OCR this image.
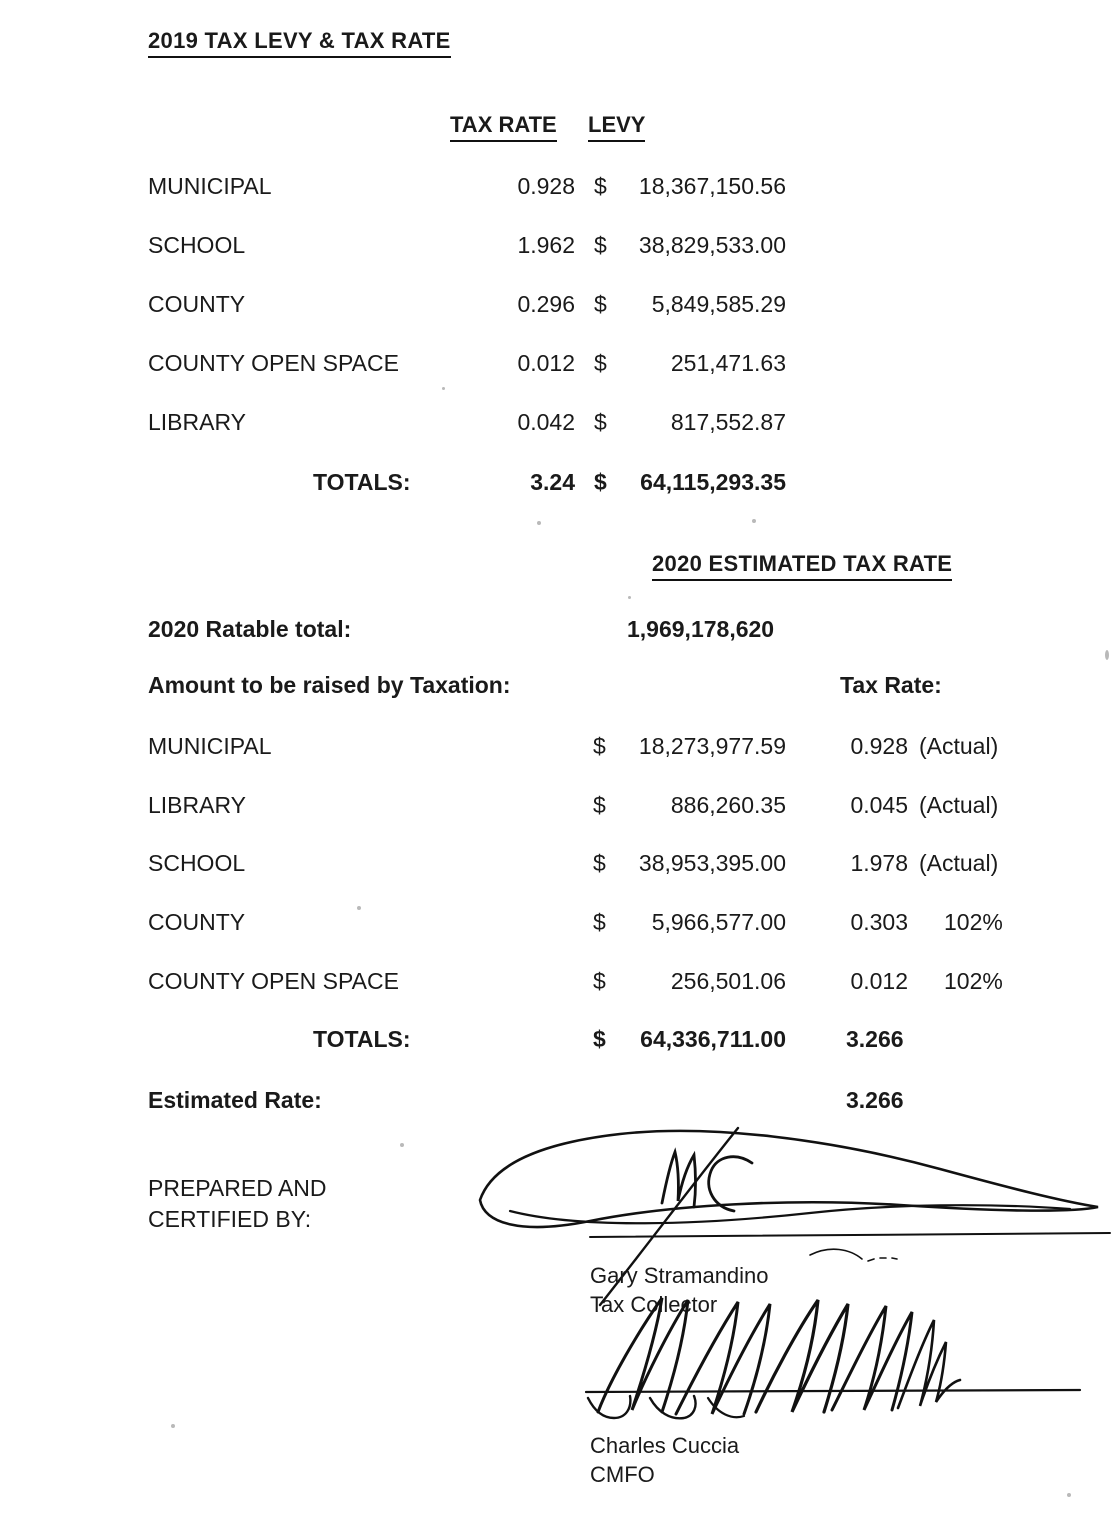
2019 TAX LEVY & TAX RATE
TAX RATE LEVY
MUNICIPAL	0.928 $	18,367,150.56
SCHOOL	1.962 $	38,829,533.00
COUNTY	0.296 $	5,849,585.29
COUNTY OPEN SPACE	0.012 $	251,471.63
LIBRARY	0.042 $	817,552.87
TOTALS:	3.24 $	64,115,293.35
2020 ESTIMATED TAX RATE
2020 Ratable total:	1,969,178,620
Amount to be raised by Taxation:	Tax Rate:
MUNICIPAL	$	18,273,977.59	0.928 (Actual)
LIBRARY	$	886,260.35	0.045 (Actual)
SCHOOL	$	38,953,395.00	1.978 (Actual)
COUNTY	$	5,966,577.00	0.303 102%
COUNTY OPEN SPACE	$	256,501.06	0.012 102%
TOTALS:	$	64,336,711.00	3.266
Estimated Rate:	3.266
PREPARED AND
CERTIFIED BY:
Gary Stramandino
Tax Collector
Charles Cuccia
CMFO
